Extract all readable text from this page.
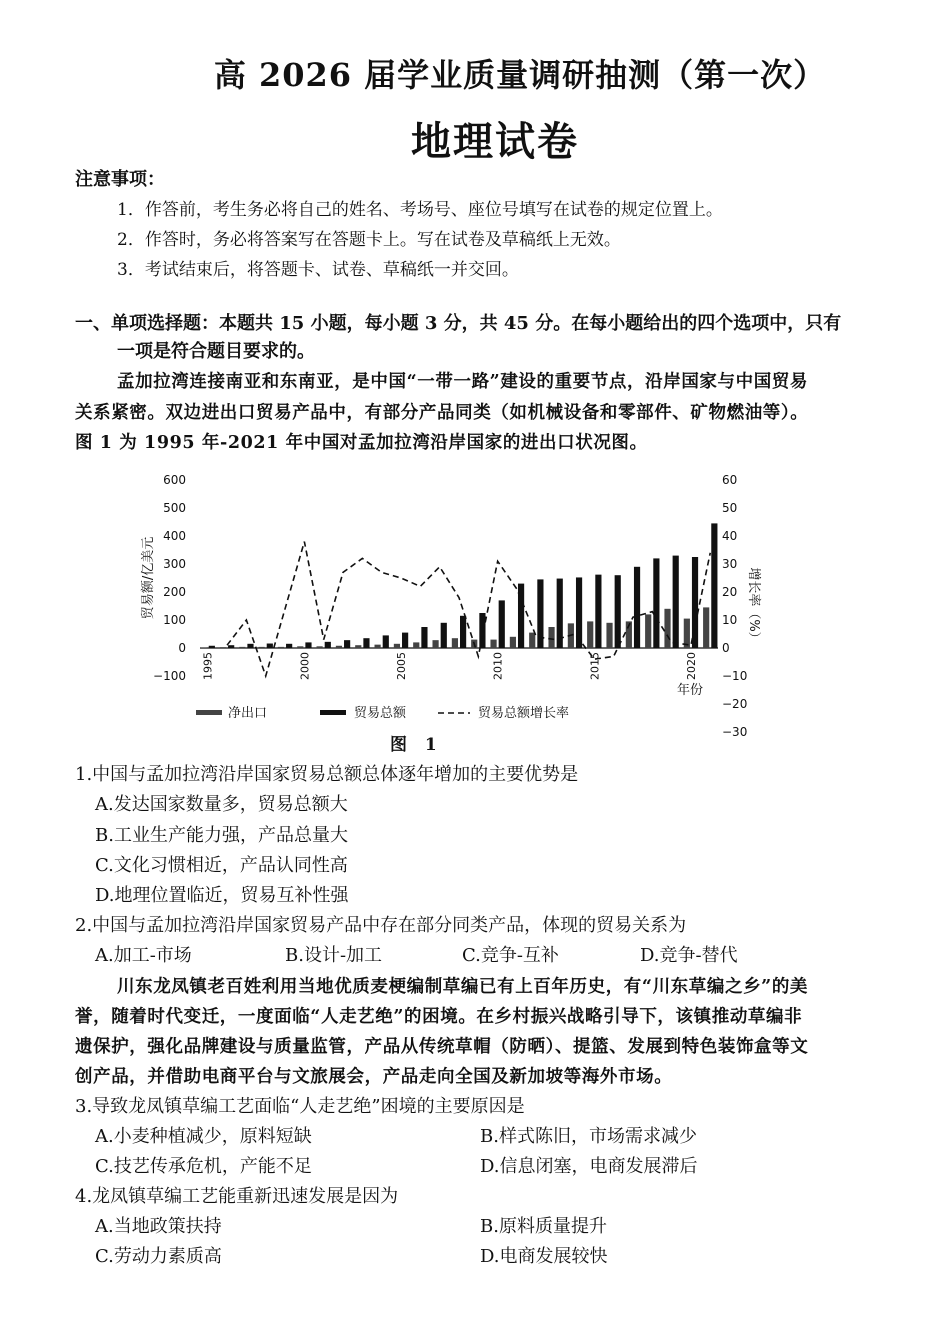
高 2026 届学业质量调研抽测（第一次）
地理试卷
注意事项：
1．作答前，考生务必将自己的姓名、考场号、座位号填写在试卷的规定位置上。
2．作答时，务必将答案写在答题卡上。写在试卷及草稿纸上无效。
3．考试结束后，将答题卡、试卷、草稿纸一并交回。
一、单项选择题：本题共 15 小题，每小题 3 分，共 45 分。在每小题给出的四个选项中，只有
一项是符合题目要求的。
孟加拉湾连接南亚和东南亚，是中国“一带一路”建设的重要节点，沿岸国家与中国贸易
关系紧密。双边进出口贸易产品中，有部分产品同类（如机械设备和零部件、矿物燃油等）。
图 1 为 1995 年-2021 年中国对孟加拉湾沿岸国家的进出口状况图。
600
500
400
300
200
100
0
−100
60
50
40
30
20
10
0
−10
−20
−30
贸易额/亿美元	增长率（%）
1995	2000	2005	2010	2015	2020
年份
净出口	贸易总额	贸易总额增长率
图 1
1.中国与孟加拉湾沿岸国家贸易总额总体逐年增加的主要优势是
A.发达国家数量多，贸易总额大
B.工业生产能力强，产品总量大
C.文化习惯相近，产品认同性高
D.地理位置临近，贸易互补性强
2.中国与孟加拉湾沿岸国家贸易产品中存在部分同类产品，体现的贸易关系为
A.加工-市场	B.设计-加工	C.竞争-互补	D.竞争-替代
川东龙凤镇老百姓利用当地优质麦梗编制草编已有上百年历史，有“川东草编之乡”的美
誉，随着时代变迁，一度面临“人走艺绝”的困境。在乡村振兴战略引导下，该镇推动草编非
遗保护，强化品牌建设与质量监管，产品从传统草帽（防晒）、提篮、发展到特色装饰盒等文
创产品，并借助电商平台与文旅展会，产品走向全国及新加坡等海外市场。
3.导致龙凤镇草编工艺面临“人走艺绝”困境的主要原因是
A.小麦种植减少，原料短缺	B.样式陈旧，市场需求减少
C.技艺传承危机，产能不足	D.信息闭塞，电商发展滞后
4.龙凤镇草编工艺能重新迅速发展是因为
A.当地政策扶持	B.原料质量提升
C.劳动力素质高	D.电商发展较快
